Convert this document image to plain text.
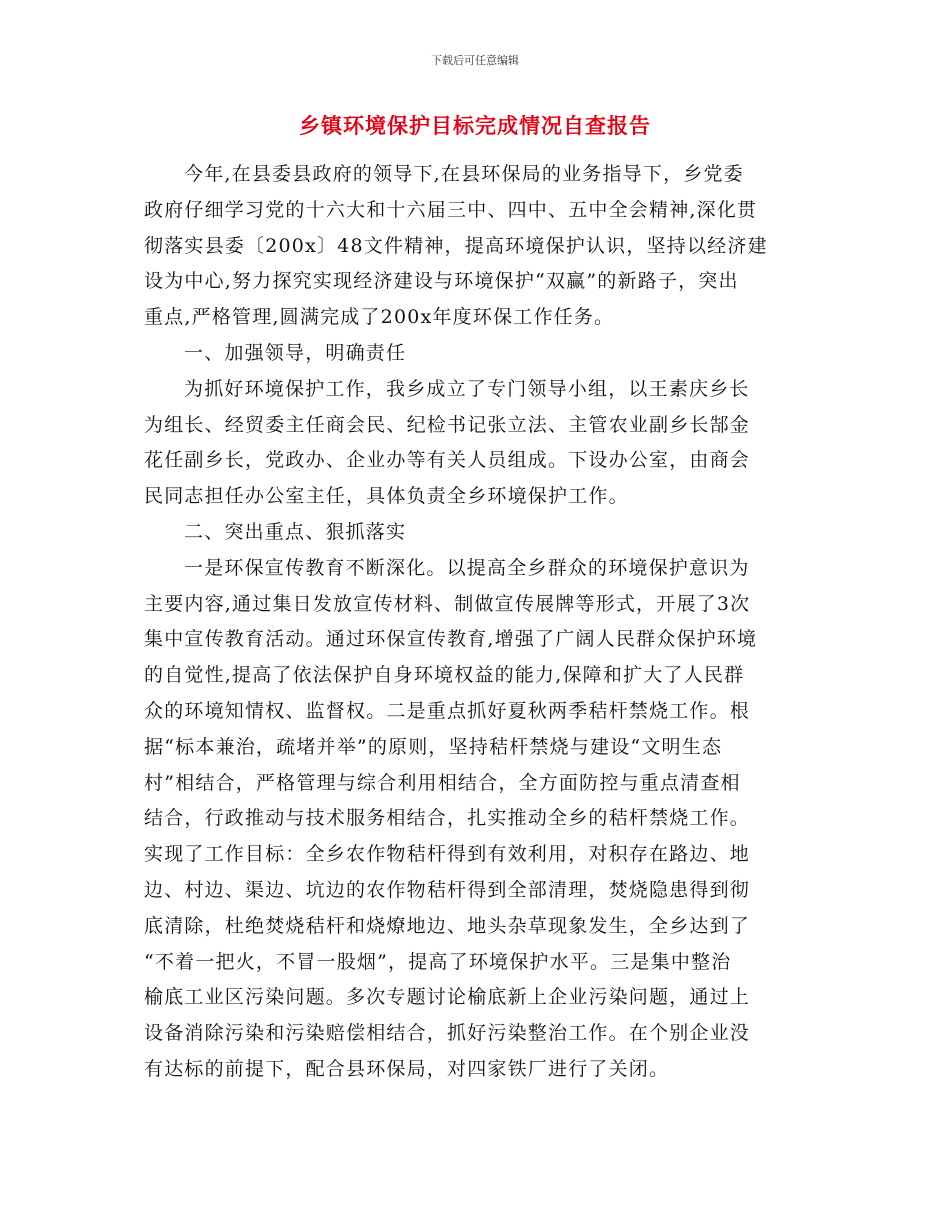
下载后可任意编辑
乡镇环境保护目标完成情况自查报告
今年,在县委县政府的领导下,在县环保局的业务指导下，乡党委
政府仔细学习党的十六大和十六届三中、四中、五中全会精神,深化贯
彻落实县委〔200x〕48文件精神，提高环境保护认识，坚持以经济建
设为中心,努力探究实现经济建设与环境保护“双赢”的新路子，突出
重点,严格管理,圆满完成了200x年度环保工作任务。
一、加强领导，明确责任
为抓好环境保护工作，我乡成立了专门领导小组，以王素庆乡长
为组长、经贸委主任商会民、纪检书记张立法、主管农业副乡长郜金
花任副乡长，党政办、企业办等有关人员组成。下设办公室，由商会
民同志担任办公室主任，具体负责全乡环境保护工作。
二、突出重点、狠抓落实
一是环保宣传教育不断深化。以提高全乡群众的环境保护意识为
主要内容,通过集日发放宣传材料、制做宣传展牌等形式，开展了3次
集中宣传教育活动。通过环保宣传教育,增强了广阔人民群众保护环境
的自觉性,提高了依法保护自身环境权益的能力,保障和扩大了人民群
众的环境知情权、监督权。二是重点抓好夏秋两季秸杆禁烧工作。根
据“标本兼治，疏堵并举”的原则，坚持秸杆禁烧与建设“文明生态
村”相结合，严格管理与综合利用相结合，全方面防控与重点清查相
结合，行政推动与技术服务相结合，扎实推动全乡的秸杆禁烧工作。
实现了工作目标：全乡农作物秸杆得到有效利用，对积存在路边、地
边、村边、渠边、坑边的农作物秸杆得到全部清理，焚烧隐患得到彻
底清除，杜绝焚烧秸杆和烧燎地边、地头杂草现象发生，全乡达到了
“不着一把火，不冒一股烟”，提高了环境保护水平。三是集中整治
榆底工业区污染问题。多次专题讨论榆底新上企业污染问题，通过上
设备消除污染和污染赔偿相结合，抓好污染整治工作。在个别企业没
有达标的前提下，配合县环保局，对四家铁厂进行了关闭。
